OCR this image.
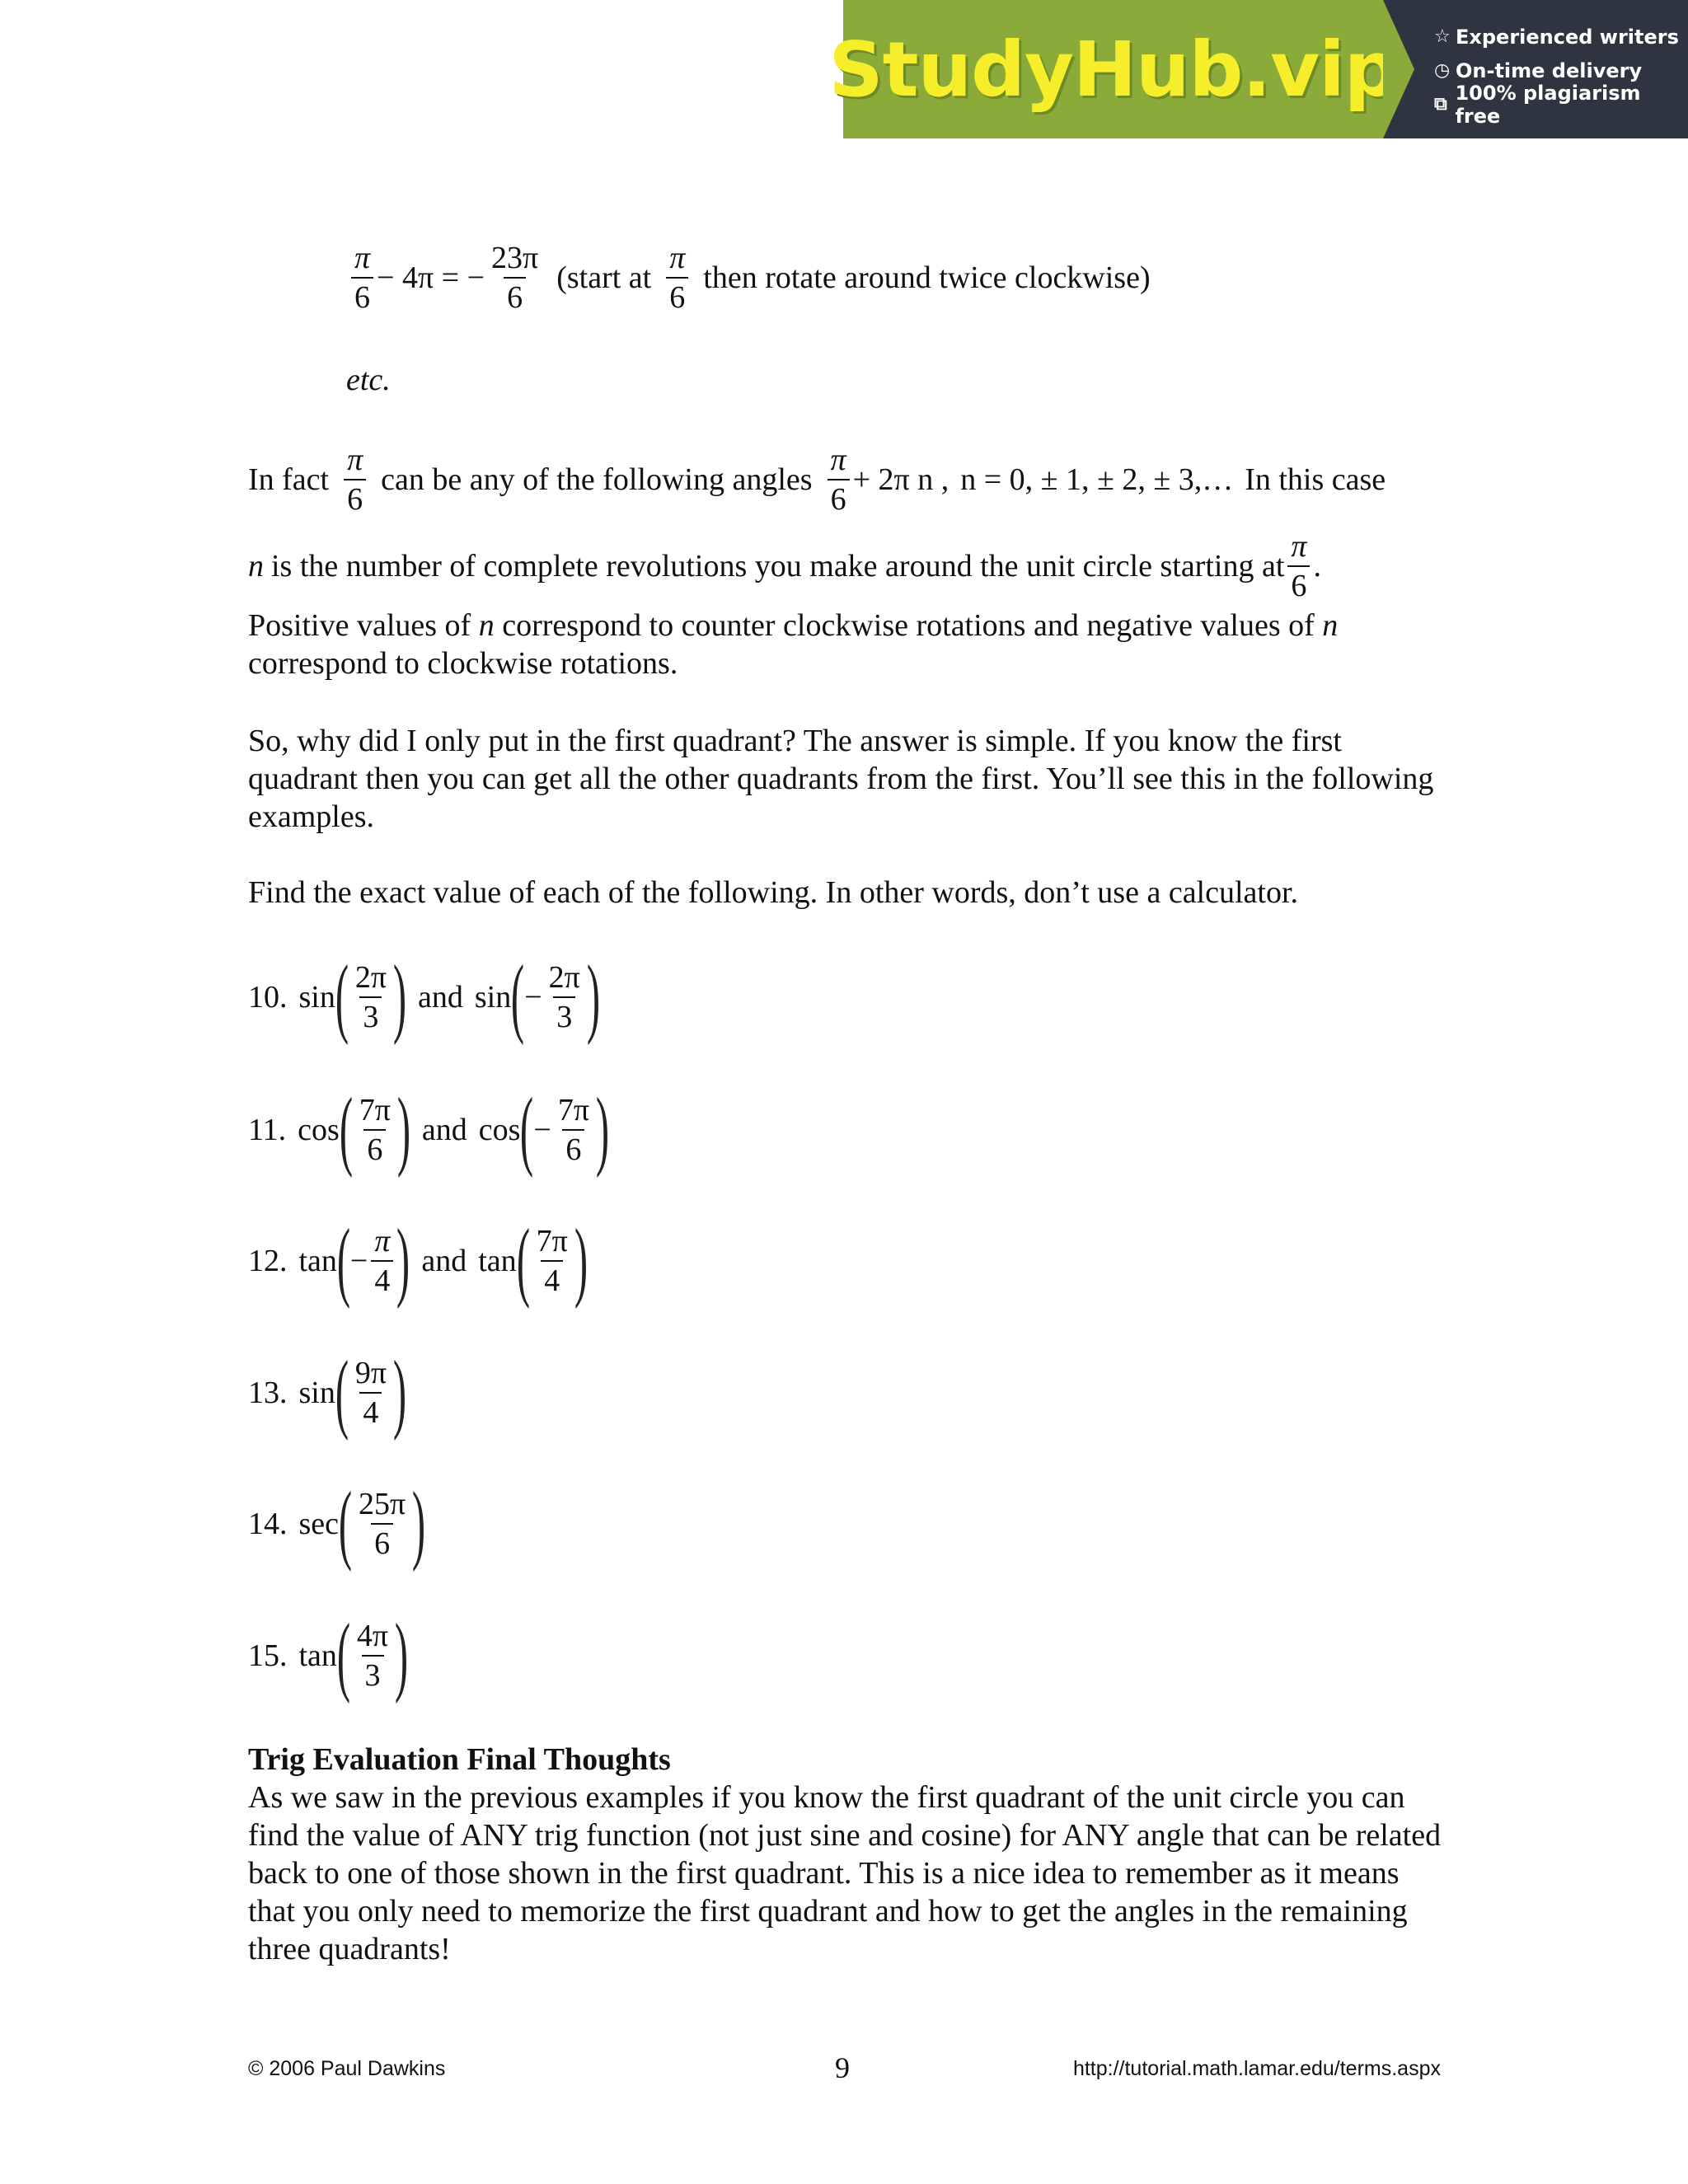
StudyHub.vip ☆ Experienced writers
◷ On-time delivery
⧉ 100% plagiarism free
$\frac{\pi}{6} - 4\pi$ = − $\frac{23\pi}{6}$ (start at $\frac{\pi}{6}$ then rotate around twice clockwise)
etc.
In fact $\frac{\pi}{6}$ can be any of the following angles $\frac{\pi}{6} + 2\pi$ n , n = 0, ± 1, ± 2, ± 3,… In this case
n is the number of complete revolutions you make around the unit circle starting at $\frac{\pi}{6}$ .

Positive values of n correspond to counter clockwise rotations and negative values of n correspond to clockwise rotations.

So, why did I only put in the first quadrant? The answer is simple. If you know the first quadrant then you can get all the other quadrants from the first. You’ll see this in the following examples.

Find the exact value of each of the following. In other words, don’t use a calculator.

10. sin ( $\frac{2\pi}{3}$ ) and sin ( − $\frac{2\pi}{3}$ )
11. cos ( $\frac{7\pi}{6}$ ) and cos ( − $\frac{7\pi}{6}$ )
12. tan ( − $\frac{\pi}{4}$ ) and tan ( $\frac{7\pi}{4}$ )
13. sin ( $\frac{9\pi}{4}$ )
14. sec ( $\frac{25\pi}{6}$ )
15. tan ( $\frac{4\pi}{3}$ )
Trig Evaluation Final Thoughts

As we saw in the previous examples if you know the first quadrant of the unit circle you can find the value of ANY trig function (not just sine and cosine) for ANY angle that can be related back to one of those shown in the first quadrant. This is a nice idea to remember as it means that you only need to memorize the first quadrant and how to get the angles in the remaining three quadrants!

© 2006 Paul Dawkins	9	http://tutorial.math.lamar.edu/terms.aspx
